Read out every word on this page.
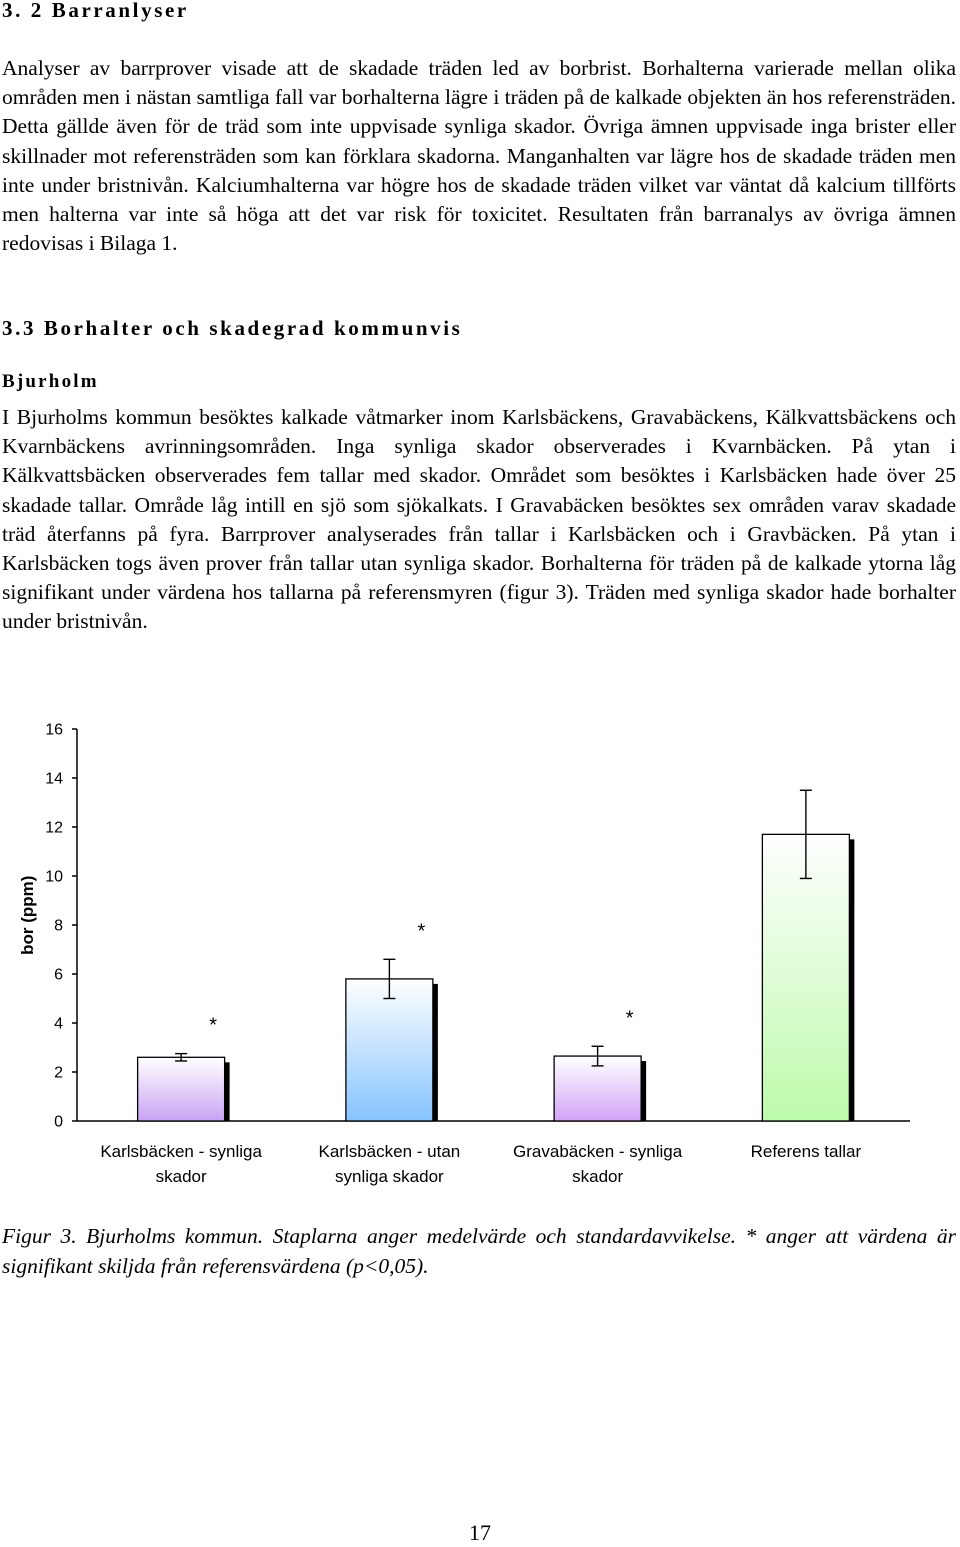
3. 2 Barranlyser

Analyser av barrprover visade att de skadade träden led av borbrist. Borhalterna varierade mellan olika områden men i nästan samtliga fall var borhalterna lägre i träden på de kalkade objekten än hos referensträden. Detta gällde även för de träd som inte uppvisade synliga skador. Övriga ämnen uppvisade inga brister eller skillnader mot referensträden som kan förklara skadorna. Manganhalten var lägre hos de skadade träden men inte under bristnivån. Kalciumhalterna var högre hos de skadade träden vilket var väntat då kalcium tillförts men halterna var inte så höga att det var risk för toxicitet. Resultaten från barranalys av övriga ämnen redovisas i Bilaga 1.

3.3 Borhalter och skadegrad kommunvis
Bjurholm

I Bjurholms kommun besöktes kalkade våtmarker inom Karlsbäckens, Gravabäckens, Kälkvattsbäckens och Kvarnbäckens avrinningsområden. Inga synliga skador observerades i Kvarnbäcken. På ytan i Kälkvattsbäcken observerades fem tallar med skador. Området som besöktes i Karlsbäcken hade över 25 skadade tallar. Område låg intill en sjö som sjökalkats. I Gravabäcken besöktes sex områden varav skadade träd återfanns på fyra. Barrprover analyserades från tallar i Karlsbäcken och i Gravbäcken. På ytan i Karlsbäcken togs även prover från tallar utan synliga skador. Borhalterna för träden på de kalkade ytorna låg signifikant under värdena hos tallarna på referensmyren (figur 3). Träden med synliga skador hade borhalter under bristnivån.

0
2
4
6
8
10
12
14
16
bor (ppm)
*
Karlsbäcken - synliga
skador
*
Karlsbäcken - utan
synliga skador
*
Gravabäcken - synliga
skador
Referens tallar

Figur 3. Bjurholms kommun. Staplarna anger medelvärde och standardavvikelse. * anger att värdena är signifikant skiljda från referensvärdena (p<0,05).

17
